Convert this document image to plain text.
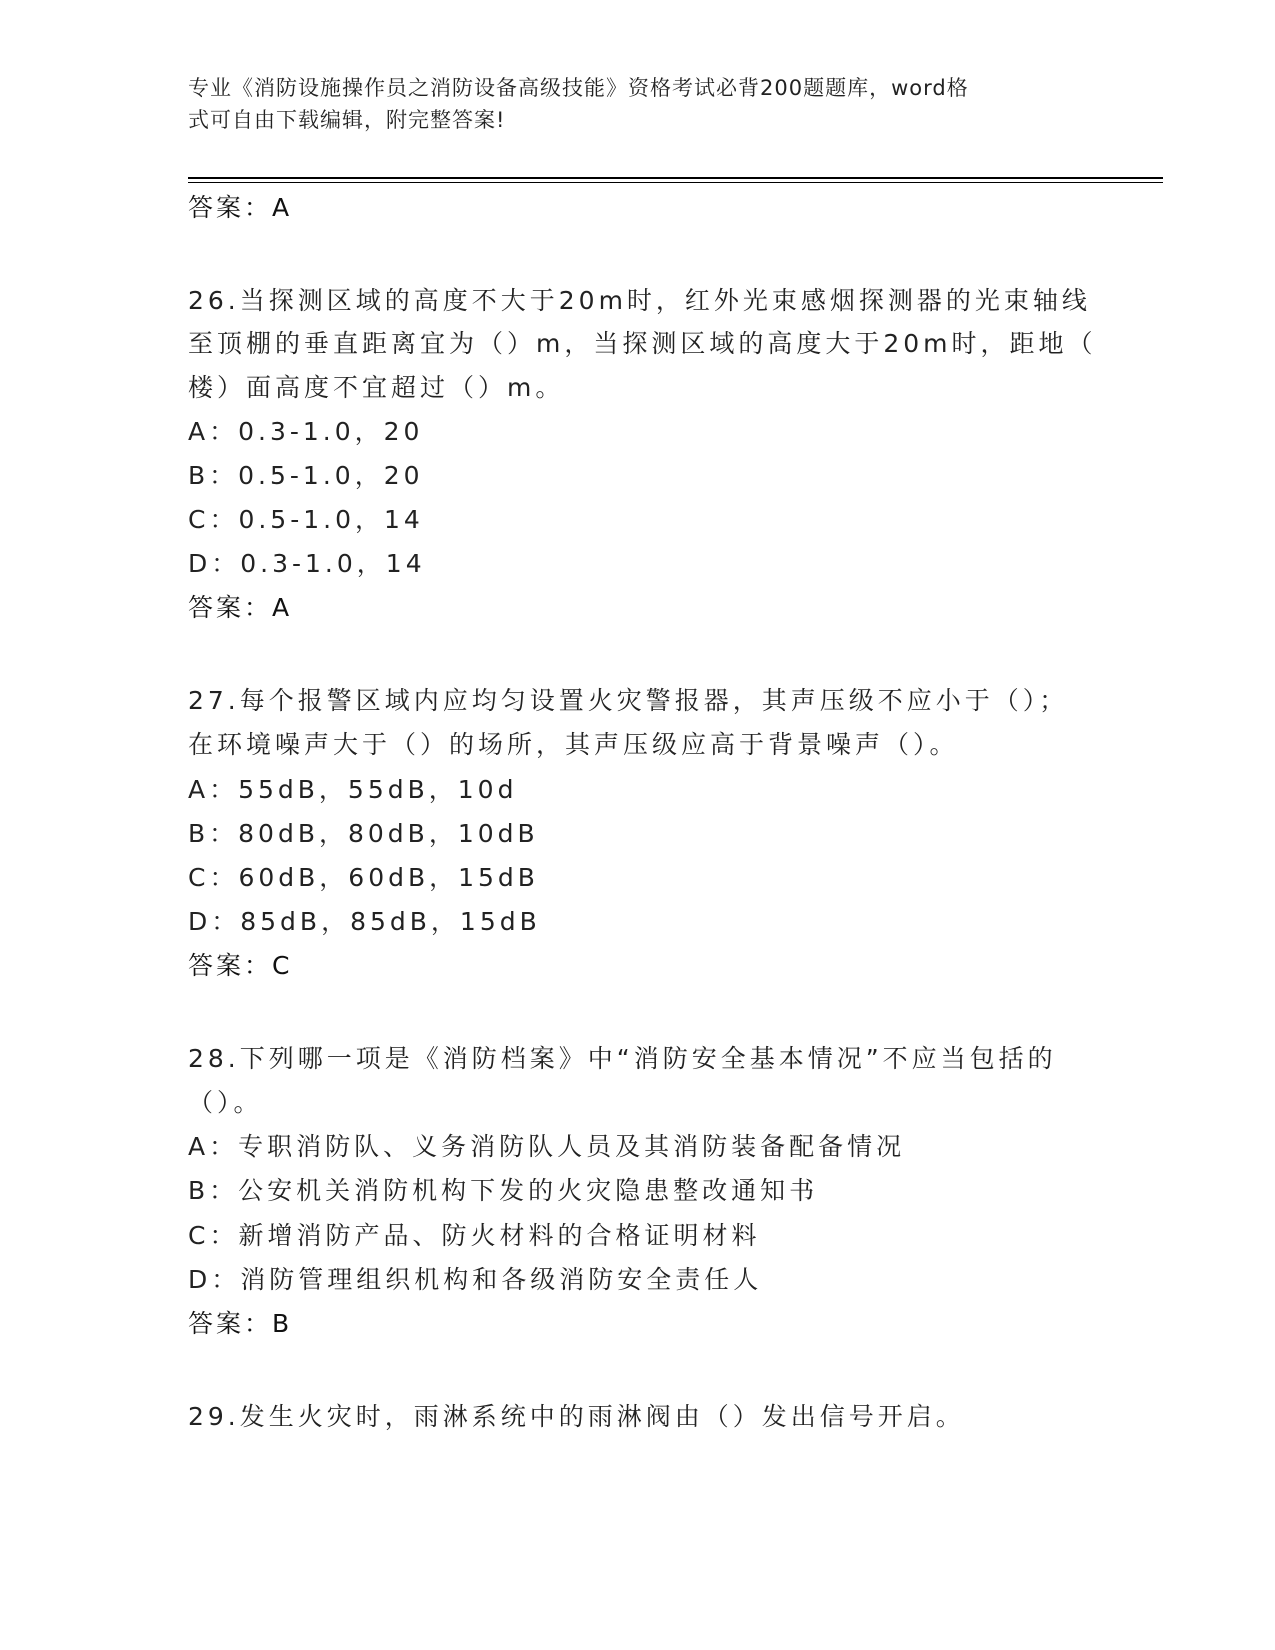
专业《消防设施操作员之消防设备高级技能》资格考试必背200题题库，word格
式可自由下载编辑，附完整答案!
答案：A
26.当探测区域的高度不大于20m时，红外光束感烟探测器的光束轴线
至顶棚的垂直距离宜为（）m，当探测区域的高度大于20m时，距地（
楼）面高度不宜超过（）m。
A：0.3-1.0，20
B：0.5-1.0，20
C：0.5-1.0，14
D：0.3-1.0，14
答案：A
27.每个报警区域内应均匀设置火灾警报器，其声压级不应小于（）；
在环境噪声大于（）的场所，其声压级应高于背景噪声（）。
A：55dB，55dB，10d
B：80dB，80dB，10dB
C：60dB，60dB，15dB
D：85dB，85dB，15dB
答案：C
28.下列哪一项是《消防档案》中“消防安全基本情况”不应当包括的
（）。
A：专职消防队、义务消防队人员及其消防装备配备情况
B：公安机关消防机构下发的火灾隐患整改通知书
C：新增消防产品、防火材料的合格证明材料
D：消防管理组织机构和各级消防安全责任人
答案：B
29.发生火灾时，雨淋系统中的雨淋阀由（）发出信号开启。
